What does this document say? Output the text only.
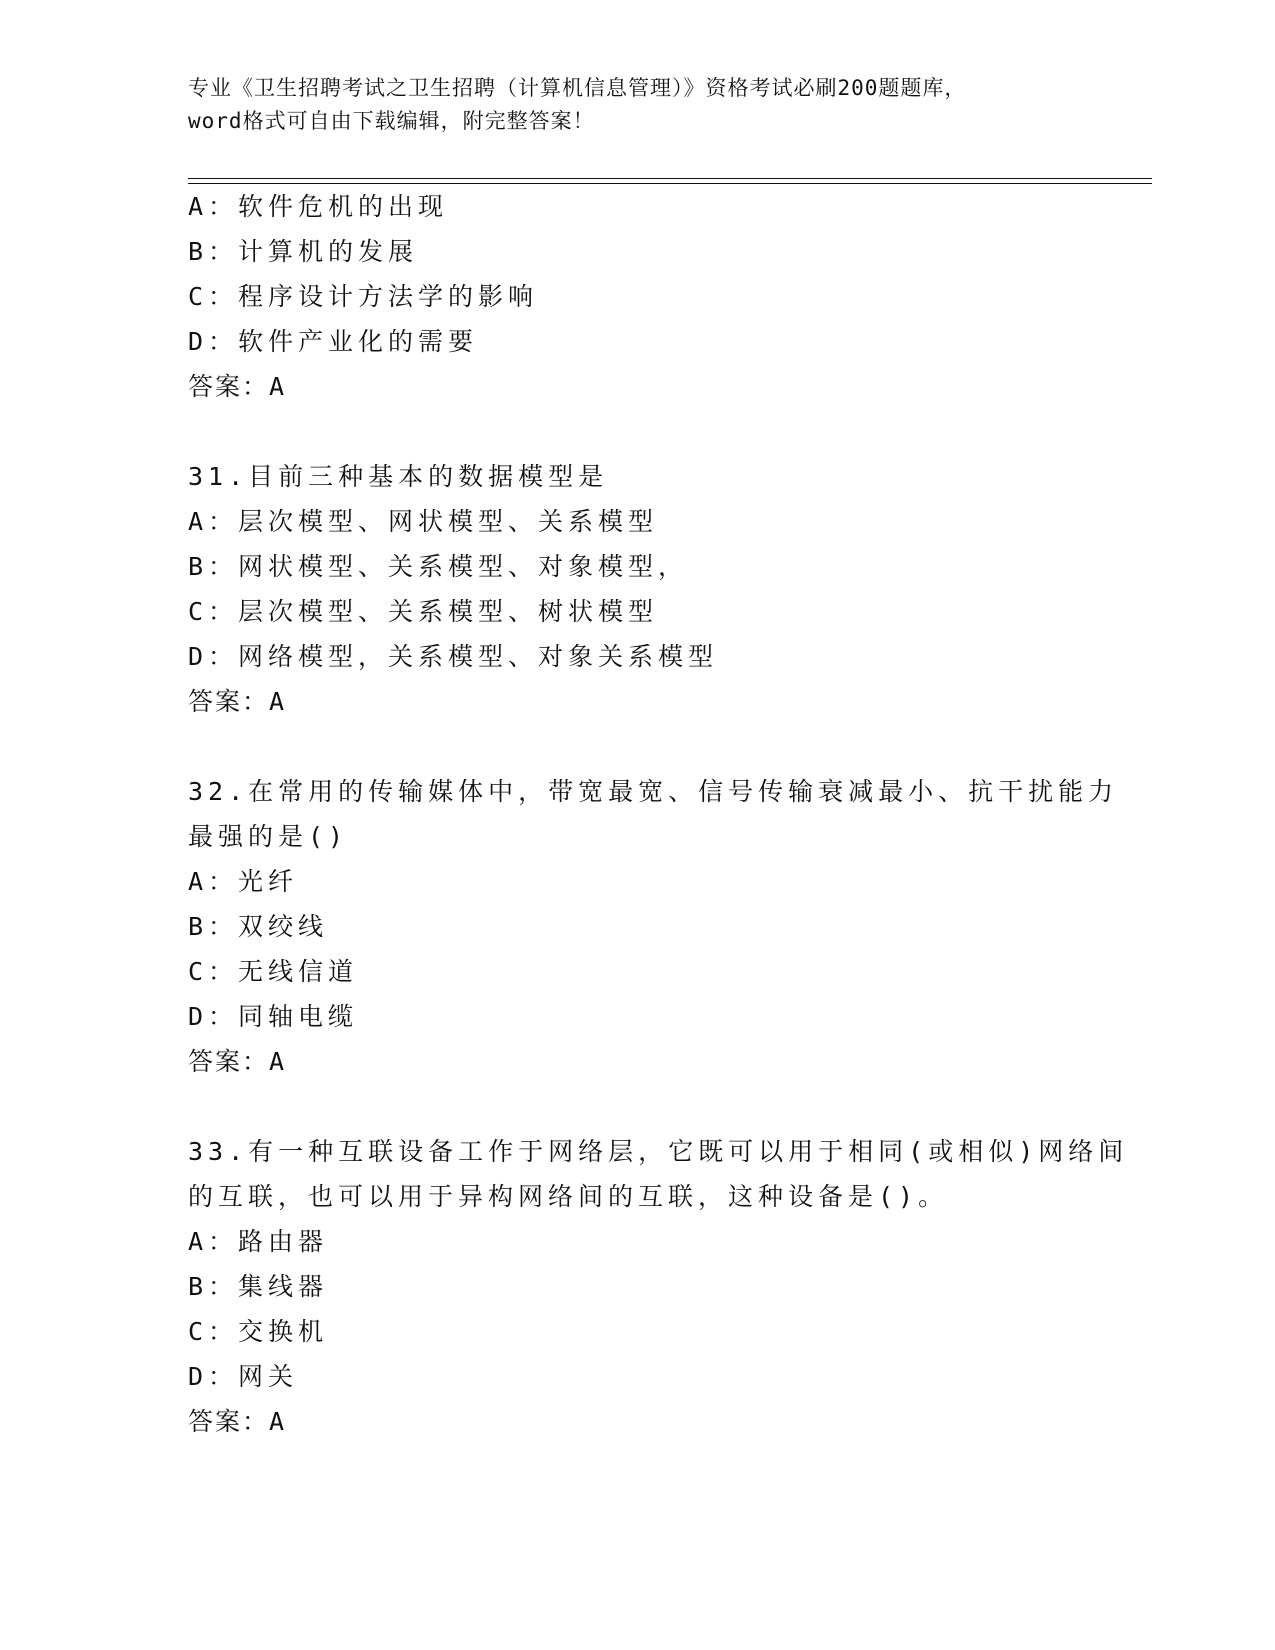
专业《卫生招聘考试之卫生招聘（计算机信息管理）》资格考试必刷200题题库，
word格式可自由下载编辑，附完整答案！
A：软件危机的出现
B：计算机的发展
C：程序设计方法学的影响
D：软件产业化的需要
答案：A
31.目前三种基本的数据模型是
A：层次模型、网状模型、关系模型
B：网状模型、关系模型、对象模型，
C：层次模型、关系模型、树状模型
D：网络模型，关系模型、对象关系模型
答案：A
32.在常用的传输媒体中，带宽最宽、信号传输衰减最小、抗干扰能力
最强的是()
A：光纤
B：双绞线
C：无线信道
D：同轴电缆
答案：A
33.有一种互联设备工作于网络层，它既可以用于相同(或相似)网络间
的互联，也可以用于异构网络间的互联，这种设备是()。
A：路由器
B：集线器
C：交换机
D：网关
答案：A
